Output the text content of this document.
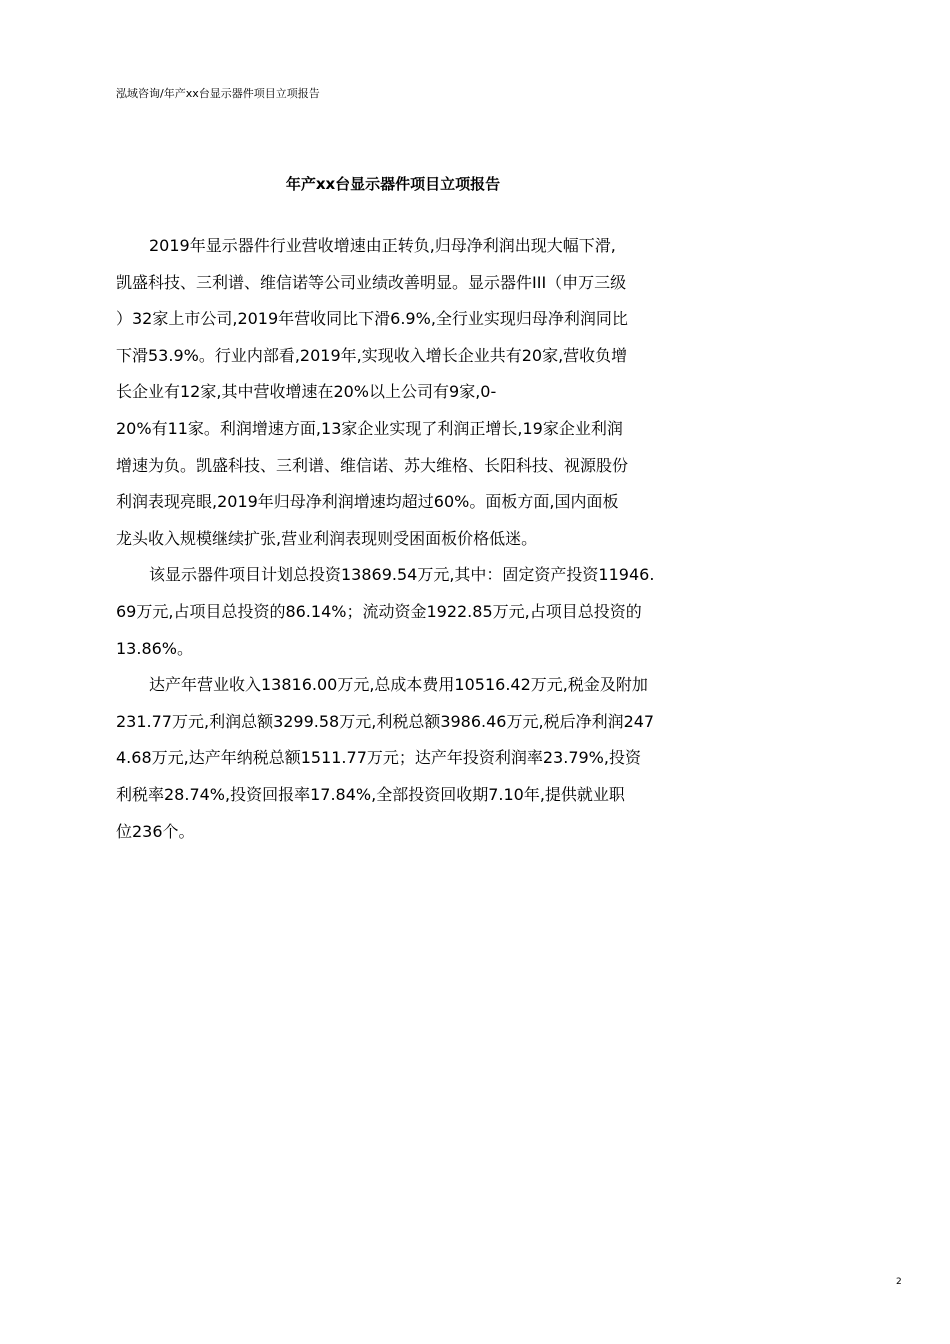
泓域咨询/年产xx台显示器件项目立项报告
年产xx台显示器件项目立项报告
2019年显示器件行业营收增速由正转负,归母净利润出现大幅下滑,
凯盛科技、三利谱、维信诺等公司业绩改善明显。显示器件III（申万三级
）32家上市公司,2019年营收同比下滑6.9%,全行业实现归母净利润同比
下滑53.9%。行业内部看,2019年,实现收入增长企业共有20家,营收负增
长企业有12家,其中营收增速在20%以上公司有9家,0-
20%有11家。利润增速方面,13家企业实现了利润正增长,19家企业利润
增速为负。凯盛科技、三利谱、维信诺、苏大维格、长阳科技、视源股份
利润表现亮眼,2019年归母净利润增速均超过60%。面板方面,国内面板
龙头收入规模继续扩张,营业利润表现则受困面板价格低迷。
该显示器件项目计划总投资13869.54万元,其中：固定资产投资11946.
69万元,占项目总投资的86.14%；流动资金1922.85万元,占项目总投资的
13.86%。
达产年营业收入13816.00万元,总成本费用10516.42万元,税金及附加
231.77万元,利润总额3299.58万元,利税总额3986.46万元,税后净利润247
4.68万元,达产年纳税总额1511.77万元；达产年投资利润率23.79%,投资
利税率28.74%,投资回报率17.84%,全部投资回收期7.10年,提供就业职
位236个。
2
